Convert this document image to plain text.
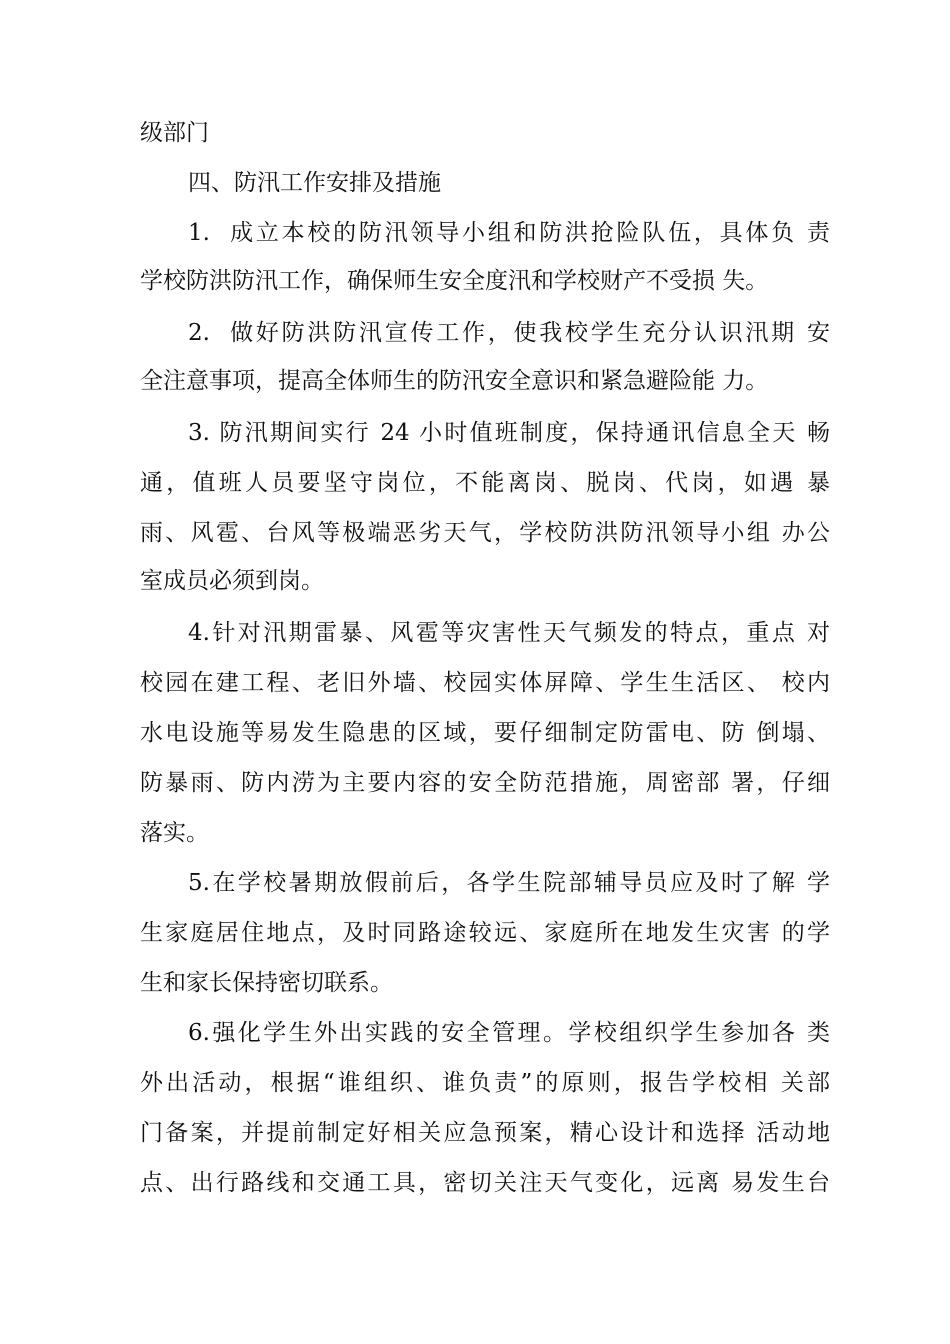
级部门

四、防汛工作安排及措施

1.  成立本校的防汛领导小组和防洪抢险队伍，具体负 责

学校防洪防汛工作，确保师生安全度汛和学校财产不受损 失。

2.  做好防洪防汛宣传工作，使我校学生充分认识汛期 安

全注意事项，提高全体师生的防汛安全意识和紧急避险能 力。

3. 防汛期间实行 24 小时值班制度，保持通讯信息全天 畅

通，值班人员要坚守岗位，不能离岗、脱岗、代岗，如遇 暴

雨、风雹、台风等极端恶劣天气，学校防洪防汛领导小组 办公

室成员必须到岗。

4.针对汛期雷暴、风雹等灾害性天气频发的特点，重点 对

校园在建工程、老旧外墙、校园实体屏障、学生生活区、 校内

水电设施等易发生隐患的区域，要仔细制定防雷电、防 倒塌、

防暴雨、防内涝为主要内容的安全防范措施，周密部 署，仔细

落实。

5.在学校暑期放假前后，各学生院部辅导员应及时了解 学

生家庭居住地点，及时同路途较远、家庭所在地发生灾害 的学

生和家长保持密切联系。

6.强化学生外出实践的安全管理。学校组织学生参加各 类

外出活动，根据“谁组织、谁负责”的原则，报告学校相 关部

门备案，并提前制定好相关应急预案，精心设计和选择 活动地

点、出行路线和交通工具，密切关注天气变化，远离 易发生台
